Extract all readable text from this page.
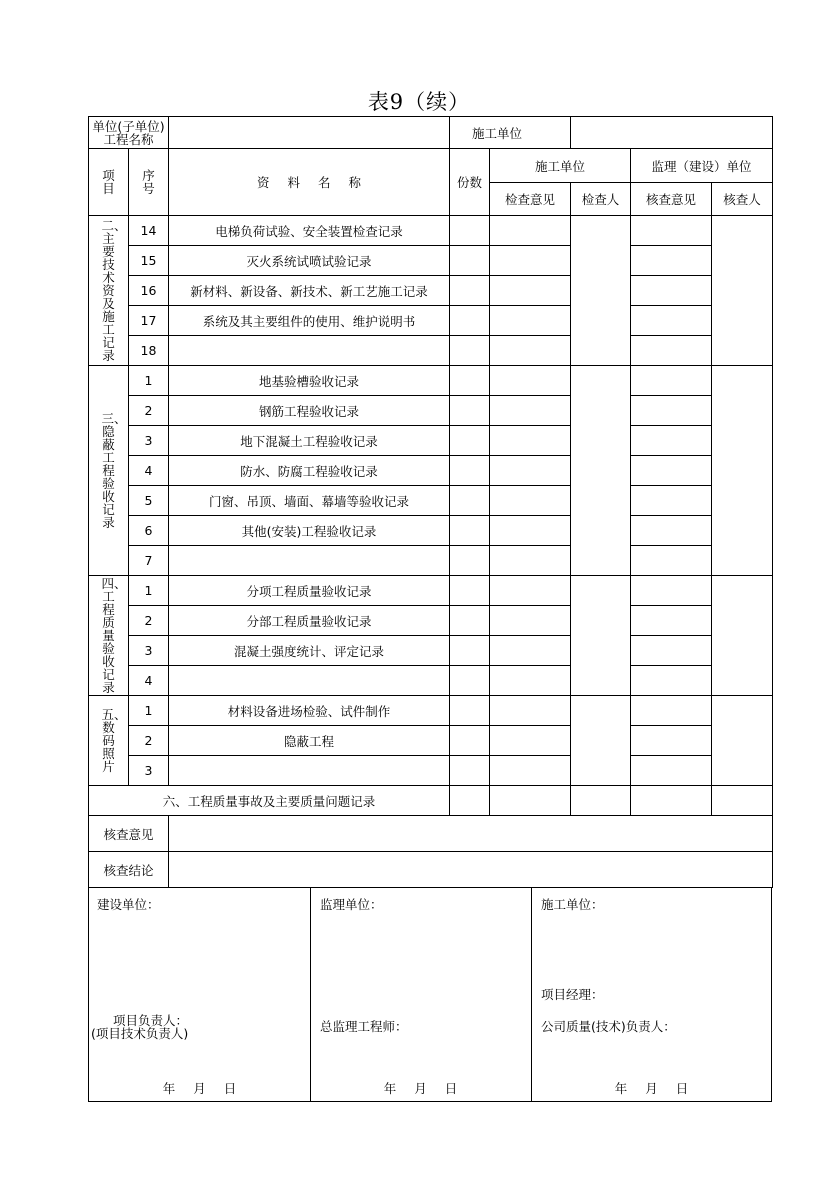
表9（续）
单位(子单位)
工程名称			施工单位				
项目	序号	资 料 名 称	份数	施工单位		监理（建设）单位	
				检查意见	检查人	核查意见	核查人
二、主要技术资及施工记录	14	电梯负荷试验、安全装置检查记录					
	15	灭火系统试喷试验记录					
	16	新材料、新设备、新技术、新工艺施工记录					
	17	系统及其主要组件的使用、维护说明书					
	18						
三、隐蔽工程验收记录	1	地基验槽验收记录					
	2	钢筋工程验收记录					
	3	地下混凝土工程验收记录					
	4	防水、防腐工程验收记录					
	5	门窗、吊顶、墙面、幕墙等验收记录					
	6	其他(安装)工程验收记录					
	7						
四、工程质量验收记录	1	分项工程质量验收记录					
	2	分部工程质量验收记录					
	3	混凝土强度统计、评定记录					
	4						
五、数码照片	1	材料设备进场检验、试件制作					
	2	隐蔽工程					
	3						
六、工程质量事故及主要质量问题记录							
核查意见							
核查结论							
建设单位：
项目负责人：
(项目技术负责人)
年 月 日
监理单位：
总监理工程师：
年 月 日
施工单位：
项目经理：
公司质量(技术)负责人：
年 月 日
